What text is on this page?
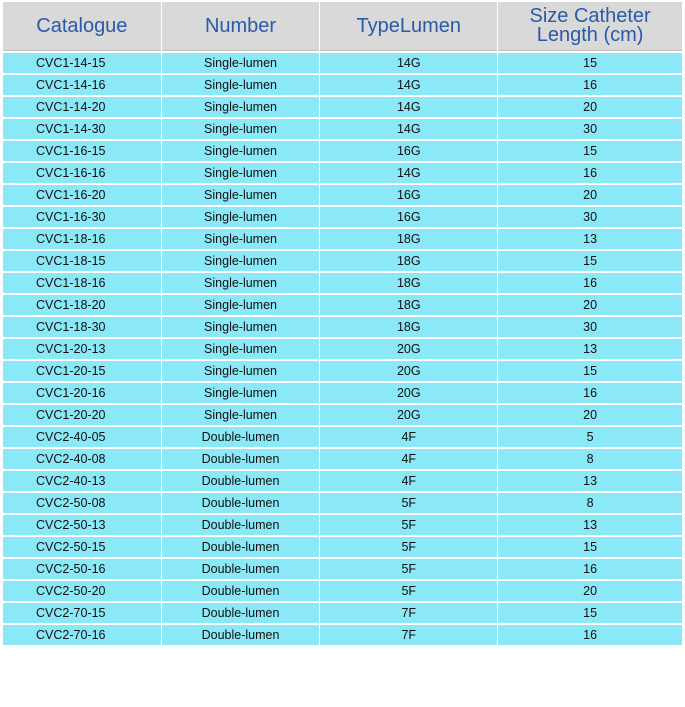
Catalogue	Number	TypeLumen	Size Catheter
Length (cm)

CVC1-14-15	Single-lumen	14G	15
CVC1-14-16	Single-lumen	14G	16
CVC1-14-20	Single-lumen	14G	20
CVC1-14-30	Single-lumen	14G	30
CVC1-16-15	Single-lumen	16G	15
CVC1-16-16	Single-lumen	14G	16
CVC1-16-20	Single-lumen	16G	20
CVC1-16-30	Single-lumen	16G	30
CVC1-18-16	Single-lumen	18G	13
CVC1-18-15	Single-lumen	18G	15
CVC1-18-16	Single-lumen	18G	16
CVC1-18-20	Single-lumen	18G	20
CVC1-18-30	Single-lumen	18G	30
CVC1-20-13	Single-lumen	20G	13
CVC1-20-15	Single-lumen	20G	15
CVC1-20-16	Single-lumen	20G	16
CVC1-20-20	Single-lumen	20G	20
CVC2-40-05	Double-lumen	4F	5
CVC2-40-08	Double-lumen	4F	8
CVC2-40-13	Double-lumen	4F	13
CVC2-50-08	Double-lumen	5F	8
CVC2-50-13	Double-lumen	5F	13
CVC2-50-15	Double-lumen	5F	15
CVC2-50-16	Double-lumen	5F	16
CVC2-50-20	Double-lumen	5F	20
CVC2-70-15	Double-lumen	7F	15
CVC2-70-16	Double-lumen	7F	16
